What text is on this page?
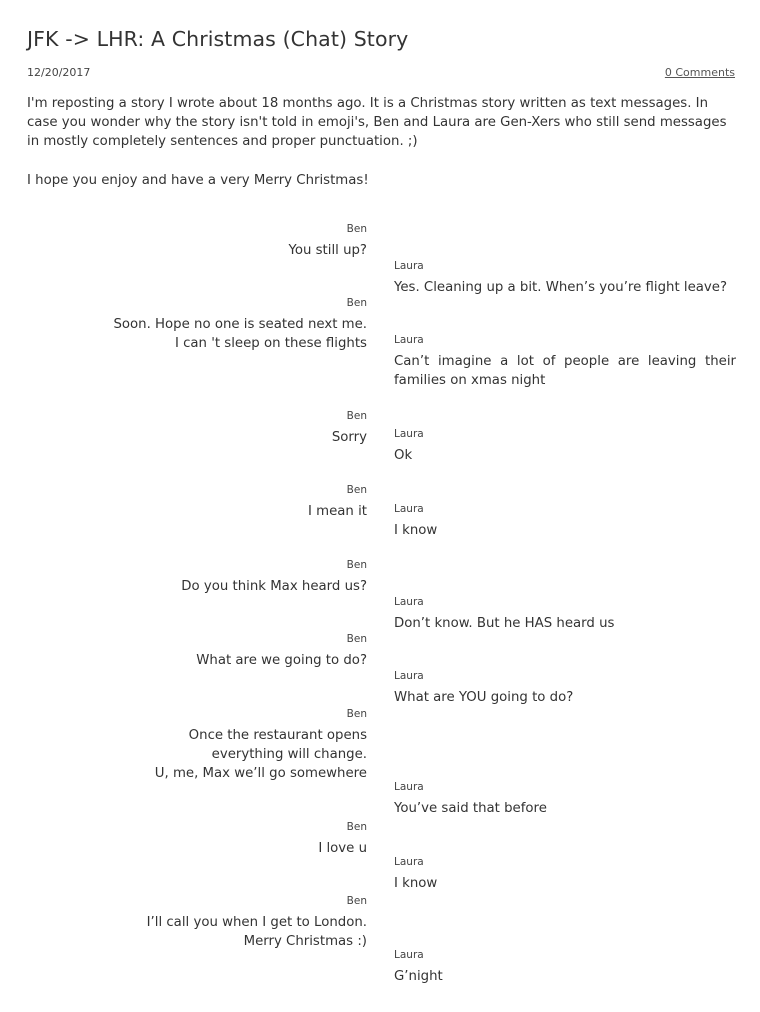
JFK -> LHR: A Christmas (Chat) Story
12/20/2017	0 Comments

I'm reposting a story I wrote about 18 months ago. It is a Christmas story written as text messages. In case you wonder why the story isn't told in emoji's, Ben and Laura are Gen-Xers who still send messages in mostly completely sentences and proper punctuation. ;)

I hope you enjoy and have a very Merry Christmas!

Ben
You still up?
Laura
Yes. Cleaning up a bit. When’s you’re flight leave?
Ben
Soon. Hope no one is seated next me.
I can 't sleep on these flights	Laura
Can’t imagine a lot of people are leaving their families on xmas night
Ben
Sorry	Laura
Ok
Ben
I mean it	Laura
I know
Ben
Do you think Max heard us?
Laura
Don’t know. But he HAS heard us
Ben
What are we going to do?
Laura
What are YOU going to do?
Ben
Once the restaurant opens
everything will change.
U, me, Max we’ll go somewhere
Laura
You’ve said that before
Ben
I love u
Laura
I know
Ben
I’ll call you when I get to London.
Merry Christmas :)
Laura
G’night
